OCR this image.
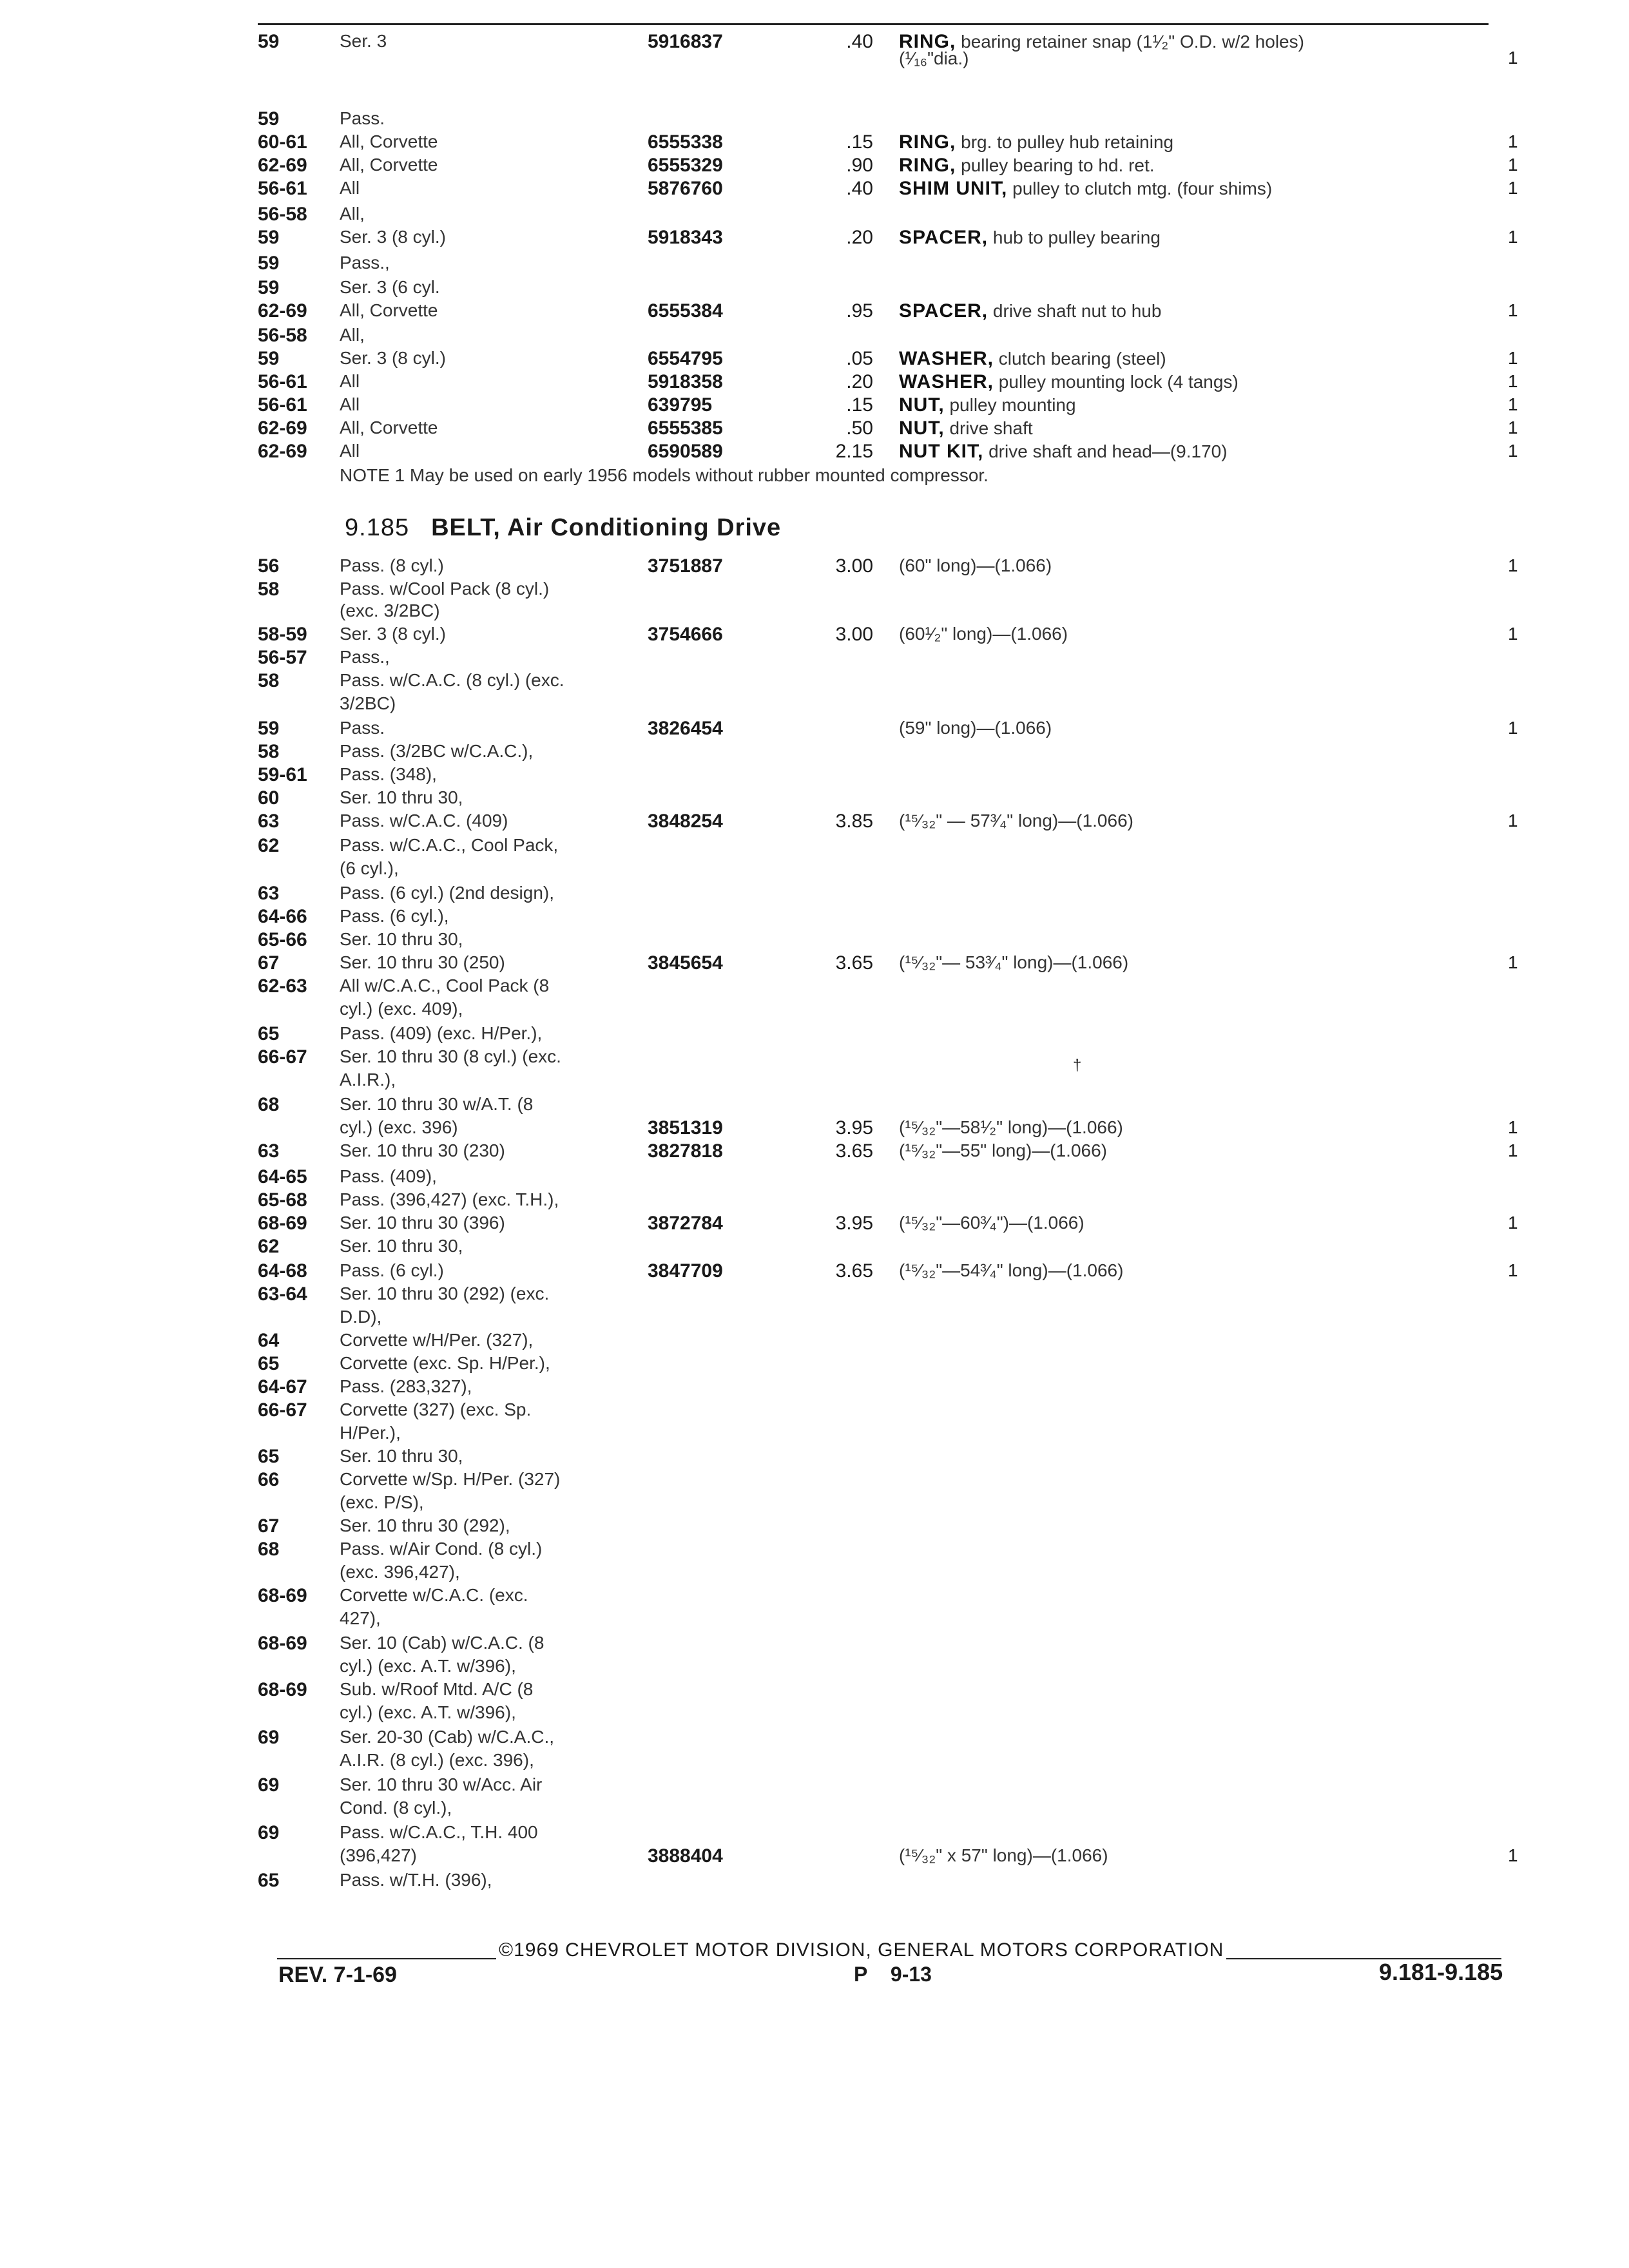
59	Ser. 3	5916837	.40 RING, bearing retainer snap (1¹⁄₂" O.D. w/2 holes)
(¹⁄₁₆"dia.)	1
59	Pass.
60-61 All, Corvette	6555338	.15 RING, brg. to pulley hub retaining	1
62-69 All, Corvette	6555329	.90 RING, pulley bearing to hd. ret.	1
56-61 All	5876760	.40 SHIM UNIT, pulley to clutch mtg. (four shims)	1
56-58 All,
59	Ser. 3 (8 cyl.)	5918343	.20 SPACER, hub to pulley bearing	1
59	Pass.,
59	Ser. 3 (6 cyl.
62-69 All, Corvette	6555384	.95 SPACER, drive shaft nut to hub	1
56-58 All,
59	Ser. 3 (8 cyl.)	6554795	.05 WASHER, clutch bearing (steel)	1
56-61 All	5918358	.20 WASHER, pulley mounting lock (4 tangs)	1
56-61 All	639795	.15 NUT, pulley mounting	1
62-69 All, Corvette	6555385	.50 NUT, drive shaft	1
62-69 All	6590589	2.15 NUT KIT, drive shaft and head—(9.170)	1
NOTE 1 May be used on early 1956 models without rubber mounted compressor.
9.185 BELT, Air Conditioning Drive
56	Pass. (8 cyl.)	3751887	3.00 (60" long)—(1.066)	1
58	Pass. w/Cool Pack (8 cyl.)
(exc. 3/2BC)
58-59 Ser. 3 (8 cyl.)	3754666	3.00 (60¹⁄₂" long)—(1.066)	1
56-57 Pass.,
58	Pass. w/C.A.C. (8 cyl.) (exc.
3/2BC)
59	Pass.	3826454	(59" long)—(1.066)	1
58	Pass. (3/2BC w/C.A.C.),
59-61 Pass. (348),
60	Ser. 10 thru 30,
63	Pass. w/C.A.C. (409)	3848254	3.85 (¹⁵⁄₃₂" — 57³⁄₄" long)—(1.066)	1
62	Pass. w/C.A.C., Cool Pack,
(6 cyl.),
63	Pass. (6 cyl.) (2nd design),
64-66 Pass. (6 cyl.),
65-66 Ser. 10 thru 30,
67	Ser. 10 thru 30 (250)	3845654	3.65 (¹⁵⁄₃₂"— 53³⁄₄" long)—(1.066)	1
62-63 All w/C.A.C., Cool Pack (8
cyl.) (exc. 409),
65	Pass. (409) (exc. H/Per.),
66-67 Ser. 10 thru 30 (8 cyl.) (exc.
A.I.R.),
68	Ser. 10 thru 30 w/A.T. (8
cyl.) (exc. 396)	3851319	3.95 (¹⁵⁄₃₂"—58¹⁄₂" long)—(1.066)	1
63	Ser. 10 thru 30 (230)	3827818	3.65 (¹⁵⁄₃₂"—55" long)—(1.066)	1
64-65 Pass. (409),
65-68 Pass. (396,427) (exc. T.H.),
68-69 Ser. 10 thru 30 (396)	3872784	3.95 (¹⁵⁄₃₂"—60³⁄₄")—(1.066)	1
62	Ser. 10 thru 30,
64-68 Pass. (6 cyl.)	3847709	3.65 (¹⁵⁄₃₂"—54³⁄₄" long)—(1.066)	1
63-64 Ser. 10 thru 30 (292) (exc.
D.D),
64	Corvette w/H/Per. (327),
65	Corvette (exc. Sp. H/Per.),
64-67 Pass. (283,327),
66-67 Corvette (327) (exc. Sp.
H/Per.),
65	Ser. 10 thru 30,
66	Corvette w/Sp. H/Per. (327)
(exc. P/S),
67	Ser. 10 thru 30 (292),
68	Pass. w/Air Cond. (8 cyl.)
(exc. 396,427),
68-69 Corvette w/C.A.C. (exc.
427),
68-69 Ser. 10 (Cab) w/C.A.C. (8
cyl.) (exc. A.T. w/396),
68-69 Sub. w/Roof Mtd. A/C (8
cyl.) (exc. A.T. w/396),
69	Ser. 20-30 (Cab) w/C.A.C.,
A.I.R. (8 cyl.) (exc. 396),
69	Ser. 10 thru 30 w/Acc. Air
Cond. (8 cyl.),
69	Pass. w/C.A.C., T.H. 400
(396,427)	3888404	(¹⁵⁄₃₂" x 57" long)—(1.066)	1
65	Pass. w/T.H. (396),
†
©1969 CHEVROLET MOTOR DIVISION, GENERAL MOTORS CORPORATION
REV. 7-1-69	P 9-13	9.181-9.185
